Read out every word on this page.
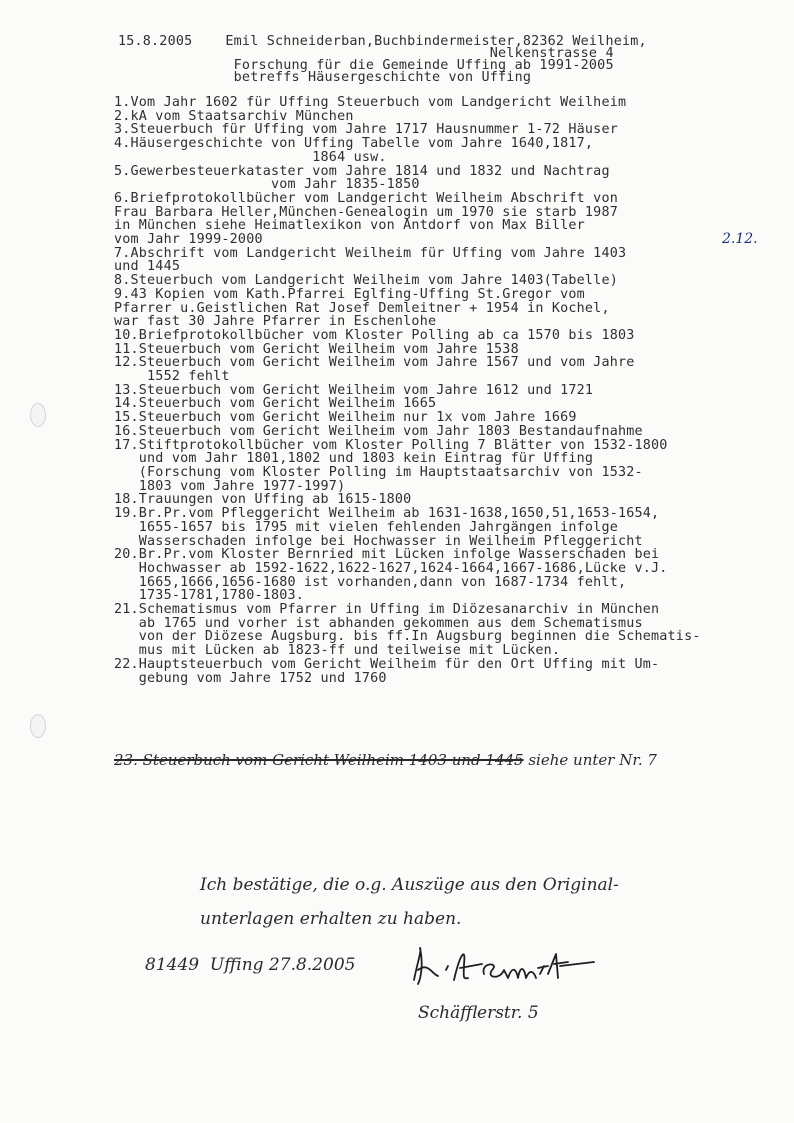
15.8.2005    Emil Schneiderban,Buchbindermeister,82362 Weilheim,
Nelkenstrasse 4
Forschung für die Gemeinde Uffing ab 1991-2005
betreffs Häusergeschichte von Uffing
1.Vom Jahr 1602 für Uffing Steuerbuch vom Landgericht Weilheim
2.kA vom Staatsarchiv München
3.Steuerbuch für Uffing vom Jahre 1717 Hausnummer 1-72 Häuser
4.Häusergeschichte von Uffing Tabelle vom Jahre 1640,1817,
1864 usw.
5.Gewerbesteuerkataster vom Jahre 1814 und 1832 und Nachtrag
vom Jahr 1835-1850
6.Briefprotokollbücher vom Landgericht Weilheim Abschrift von
Frau Barbara Heller,München-Genealogin um 1970 sie starb 1987
in München siehe Heimatlexikon von Antdorf von Max Biller
vom Jahr 1999-2000
7.Abschrift vom Landgericht Weilheim für Uffing vom Jahre 1403
und 1445
8.Steuerbuch vom Landgericht Weilheim vom Jahre 1403(Tabelle)
9.43 Kopien vom Kath.Pfarrei Eglfing-Uffing St.Gregor vom
Pfarrer u.Geistlichen Rat Josef Demleitner + 1954 in Kochel,
war fast 30 Jahre Pfarrer in Eschenlohe
10.Briefprotokollbücher vom Kloster Polling ab ca 1570 bis 1803
11.Steuerbuch vom Gericht Weilheim vom Jahre 1538
12.Steuerbuch vom Gericht Weilheim vom Jahre 1567 und vom Jahre
1552 fehlt
13.Steuerbuch vom Gericht Weilheim vom Jahre 1612 und 1721
14.Steuerbuch vom Gericht Weilheim 1665
15.Steuerbuch vom Gericht Weilheim nur 1x vom Jahre 1669
16.Steuerbuch vom Gericht Weilheim vom Jahr 1803 Bestandaufnahme
17.Stiftprotokollbücher vom Kloster Polling 7 Blätter von 1532-1800
und vom Jahr 1801,1802 und 1803 kein Eintrag für Uffing
(Forschung vom Kloster Polling im Hauptstaatsarchiv von 1532-
1803 vom Jahre 1977-1997)
18.Trauungen von Uffing ab 1615-1800
19.Br.Pr.vom Pfleggericht Weilheim ab 1631-1638,1650,51,1653-1654,
1655-1657 bis 1795 mit vielen fehlenden Jahrgängen infolge
Wasserschaden infolge bei Hochwasser in Weilheim Pfleggericht
20.Br.Pr.vom Kloster Bernried mit Lücken infolge Wasserschaden bei
Hochwasser ab 1592-1622,1622-1627,1624-1664,1667-1686,Lücke v.J.
1665,1666,1656-1680 ist vorhanden,dann von 1687-1734 fehlt,
1735-1781,1780-1803.
21.Schematismus vom Pfarrer in Uffing im Diözesanarchiv in München
ab 1765 und vorher ist abhanden gekommen aus dem Schematismus
von der Diözese Augsburg. bis ff.In Augsburg beginnen die Schematis-
mus mit Lücken ab 1823-ff und teilweise mit Lücken.
22.Hauptsteuerbuch vom Gericht Weilheim für den Ort Uffing mit Um-
gebung vom Jahre 1752 und 1760
2.12.
23. Steuerbuch vom Gericht Weilheim 1403 und 1445 siehe unter Nr. 7
Ich bestätige, die o.g. Auszüge aus den Original-
unterlagen erhalten zu haben.
81449  Uffing 27.8.2005
Schäfflerstr. 5
